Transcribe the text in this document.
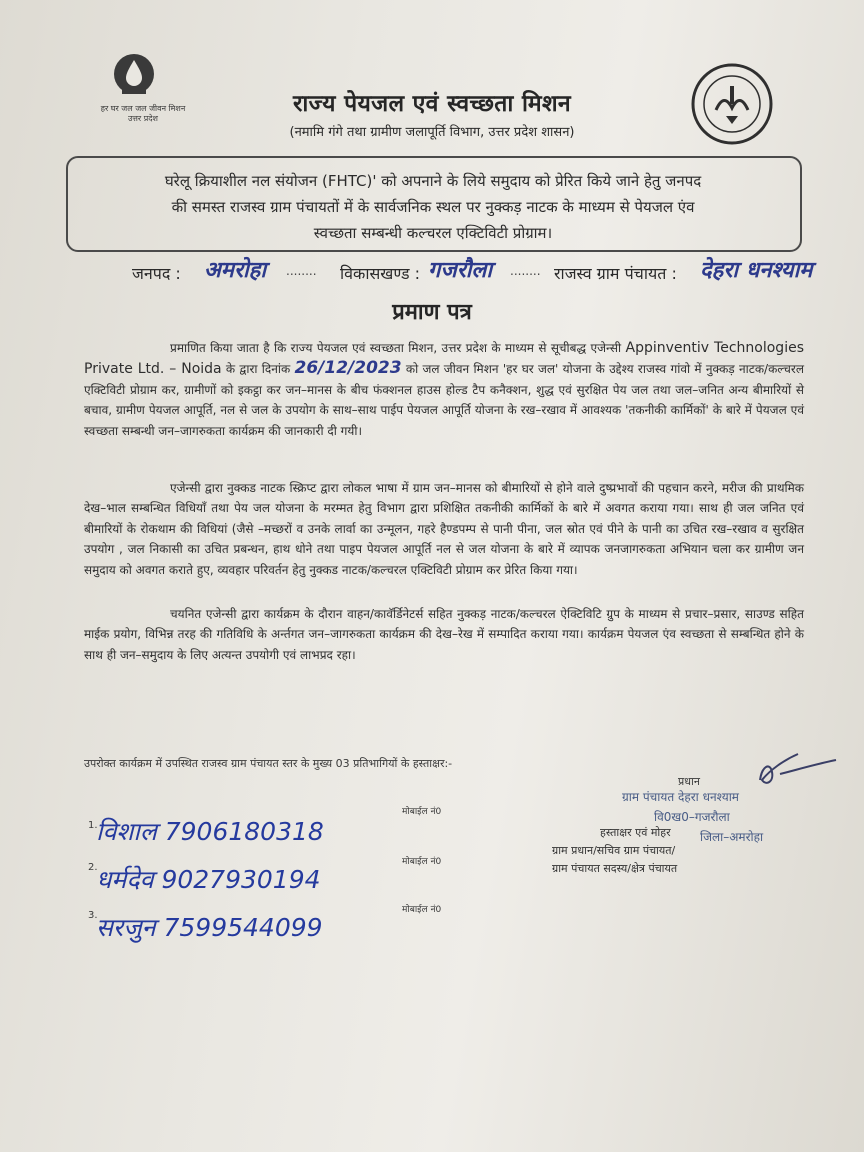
हर घर जल जल जीवन मिशन उत्तर प्रदेश
राज्य पेयजल एवं स्वच्छता मिशन
(नमामि गंगे तथा ग्रामीण जलापूर्ति विभाग, उत्तर प्रदेश शासन)
घरेलू क्रियाशील नल संयोजन (FHTC)' को अपनाने के लिये समुदाय को प्रेरित किये जाने हेतु जनपद
की समस्त राजस्व ग्राम पंचायतों में के सार्वजनिक स्थल पर नुक्कड़ नाटक के माध्यम से पेयजल एंव
स्वच्छता सम्बन्धी कल्चरल एक्टिविटी प्रोग्राम।
जनपद : अमरोहा ........ विकासखण्ड : गजरौला ........ राजस्व ग्राम पंचायत : देहरा धनश्याम
प्रमाण पत्र
प्रमाणित किया जाता है कि राज्य पेयजल एवं स्वच्छता मिशन, उत्तर प्रदेश के माध्यम से सूचीबद्ध एजेन्सी Appinventiv Technologies Private Ltd. – Noida के द्वारा दिनांक 26/12/2023 को जल जीवन मिशन 'हर घर जल' योजना के उद्देश्य राजस्व गांवो में नुक्कड़ नाटक/कल्चरल एक्टिविटी प्रोग्राम कर, ग्रामीणों को इकट्ठा कर जन–मानस के बीच फंक्शनल हाउस होल्ड टैप कनैक्शन, शुद्ध एवं सुरक्षित पेय जल तथा जल–जनित अन्य बीमारियों से बचाव, ग्रामीण पेयजल आपूर्ति, नल से जल के उपयोग के साथ–साथ पाईप पेयजल आपूर्ति योजना के रख–रखाव में आवश्यक 'तकनीकी कार्मिकों' के बारे में पेयजल एवं स्वच्छता सम्बन्धी जन–जागरुकता कार्यक्रम की जानकारी दी गयी।
एजेन्सी द्वारा नुक्कड नाटक स्क्रिप्ट द्वारा लोकल भाषा में ग्राम जन–मानस को बीमारियों से होने वाले दुष्प्रभावों की पहचान करने, मरीज की प्राथमिक देख–भाल सम्बन्धित विधियाँ तथा पेय जल योजना के मरम्मत हेतु विभाग द्वारा प्रशिक्षित तकनीकी कार्मिकों के बारे में अवगत कराया गया। साथ ही जल जनित एवं बीमारियों के रोकथाम की विधियां (जैसे –मच्छरों व उनके लार्वा का उन्मूलन, गहरे हैण्डपम्प से पानी पीना, जल स्रोत एवं पीने के पानी का उचित रख–रखाव व सुरक्षित उपयोग , जल निकासी का उचित प्रबन्धन, हाथ धोने तथा पाइप पेयजल आपूर्ति नल से जल योजना के बारे में व्यापक जनजागरुकता अभियान चला कर ग्रामीण जन समुदाय को अवगत कराते हुए, व्यवहार परिवर्तन हेतु नुक्कड नाटक/कल्चरल एक्टिविटी प्रोग्राम कर प्रेरित किया गया।
चयनित एजेन्सी द्वारा कार्यक्रम के दौरान वाहन/कावॅर्डिनेटर्स सहित नुक्कड़ नाटक/कल्चरल ऐक्टिविटि ग्रुप के माध्यम से प्रचार–प्रसार, साउण्ड सहित माईक प्रयोग, विभिन्न तरह की गतिविधि के अर्न्तगत जन–जागरुकता कार्यक्रम की देख–रेख में सम्पादित कराया गया। कार्यक्रम पेयजल एंव स्वच्छता से सम्बन्धित होने के साथ ही जन–समुदाय के लिए अत्यन्त उपयोगी एवं लाभप्रद रहा।
उपरोक्त कार्यक्रम में उपस्थित राजस्व ग्राम पंचायत स्तर के मुख्य 03 प्रतिभागियों के हस्ताक्षर:-
मोबाईल नं0
1.
विशाल 7906180318
मोबाईल नं0
2.
धर्मदेव 9027930194
मोबाईल नं0
3.
सरजुन 7599544099
प्रधान
ग्राम पंचायत देहरा धनश्याम
वि0ख0–गजरौला
जिला–अमरोहा
हस्ताक्षर एवं मोहर
ग्राम प्रधान/सचिव ग्राम पंचायत/
ग्राम पंचायत सदस्य/क्षेत्र पंचायत
